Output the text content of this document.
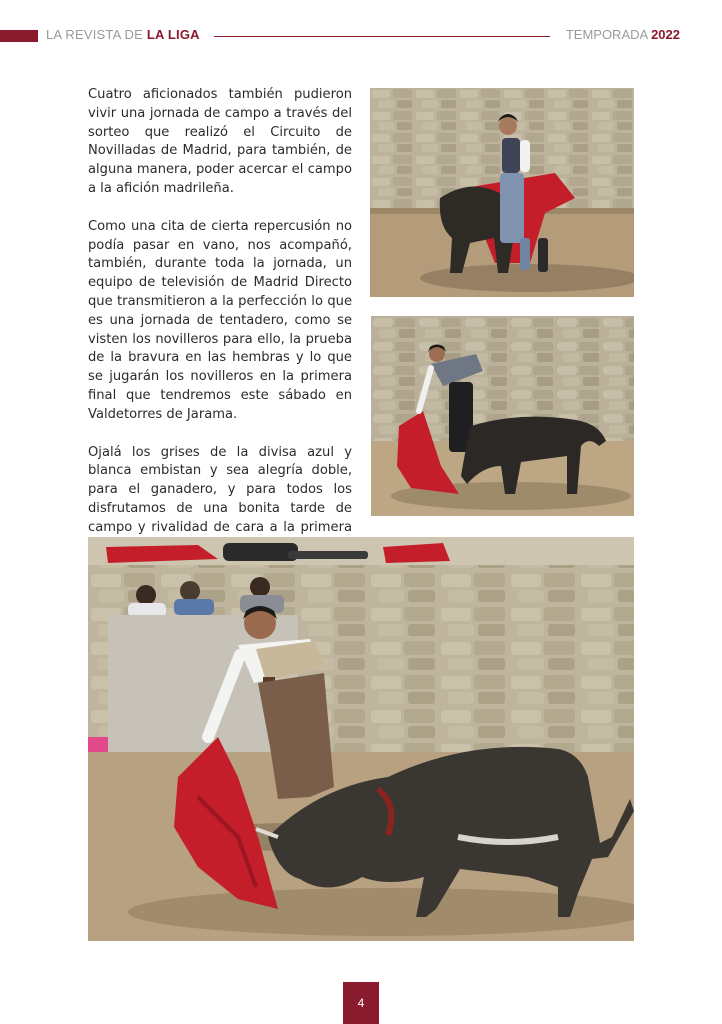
LA REVISTA DE LA LIGA	TEMPORADA 2022

Cuatro aficionados también pudieron vivir una jornada de campo a través del sorteo que realizó el Circuito de Novilladas de Madrid, para también, de alguna manera, poder acercar el campo a la afición madrileña.

Como una cita de cierta repercusión no podía pasar en vano, nos acompañó, también, durante toda la jornada, un equipo de televisión de Madrid Directo que transmitieron a la perfección lo que es una jornada de tentadero, como se visten los novilleros para ello, la prueba de la bravura en las hembras y lo que se jugarán los novilleros en la primera final que tendremos este sábado en Valdetorres de Jarama.

Ojalá los grises de la divisa azul y blanca embistan y sea alegría doble, para el ganadero, y para todos los disfrutamos de una bonita tarde de campo y rivalidad de cara a la primera

4
